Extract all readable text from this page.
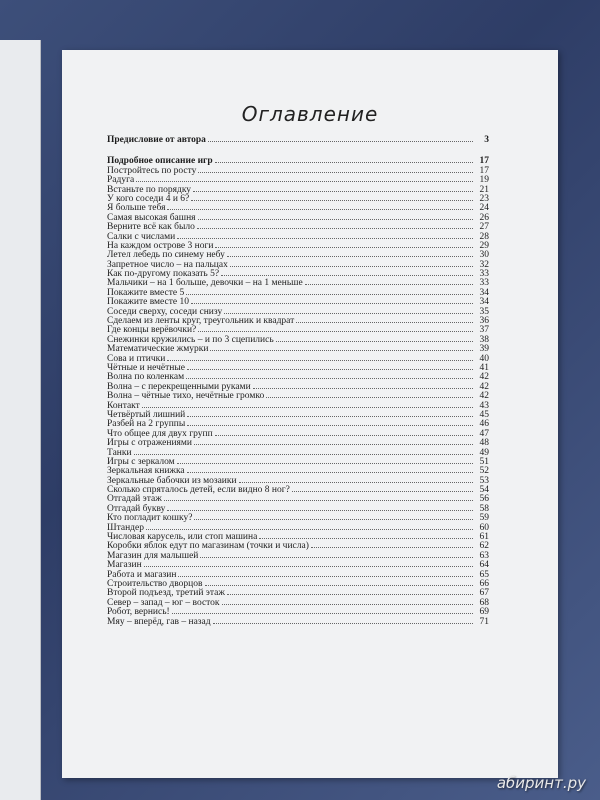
Оглавление
Предисловие от автора	3
Подробное описание игр	17
Постройтесь по росту	17
Радуга	19
Встаньте по порядку	21
У кого соседи 4 и 6?	23
Я больше тебя	24
Самая высокая башня	26
Верните всё как было	27
Салки с числами	28
На каждом острове 3 ноги	29
Летел лебедь по синему небу	30
Запретное число – на пальцах	32
Как по-другому показать 5?	33
Мальчики – на 1 больше, девочки – на 1 меньше	33
Покажите вместе 5	34
Покажите вместе 10	34
Соседи сверху, соседи снизу	35
Сделаем из ленты круг, треугольник и квадрат	36
Где концы верёвочки?	37
Снежинки кружились – и по 3 сцепились	38
Математические жмурки	39
Сова и птички	40
Чётные и нечётные	41
Волна по коленкам	42
Волна – с перекрещенными руками	42
Волна – чётные тихо, нечётные громко	42
Контакт	43
Четвёртый лишний	45
Разбей на 2 группы	46
Что общее для двух групп	47
Игры с отражениями	48
Танки	49
Игры с зеркалом	51
Зеркальная книжка	52
Зеркальные бабочки из мозаики	53
Сколько спряталось детей, если видно 8 ног?	54
Отгадай этаж	56
Отгадай букву	58
Кто погладит кошку?	59
Штандер	60
Числовая карусель, или стоп машина	61
Коробки яблок едут по магазинам (точки и числа)	62
Магазин для малышей	63
Магазин	64
Работа и магазин	65
Строительство дворцов	66
Второй подъезд, третий этаж	67
Север – запад – юг – восток	68
Робот, вернись!	69
Мяу – вперёд, гав – назад	71
абиринт.ру
